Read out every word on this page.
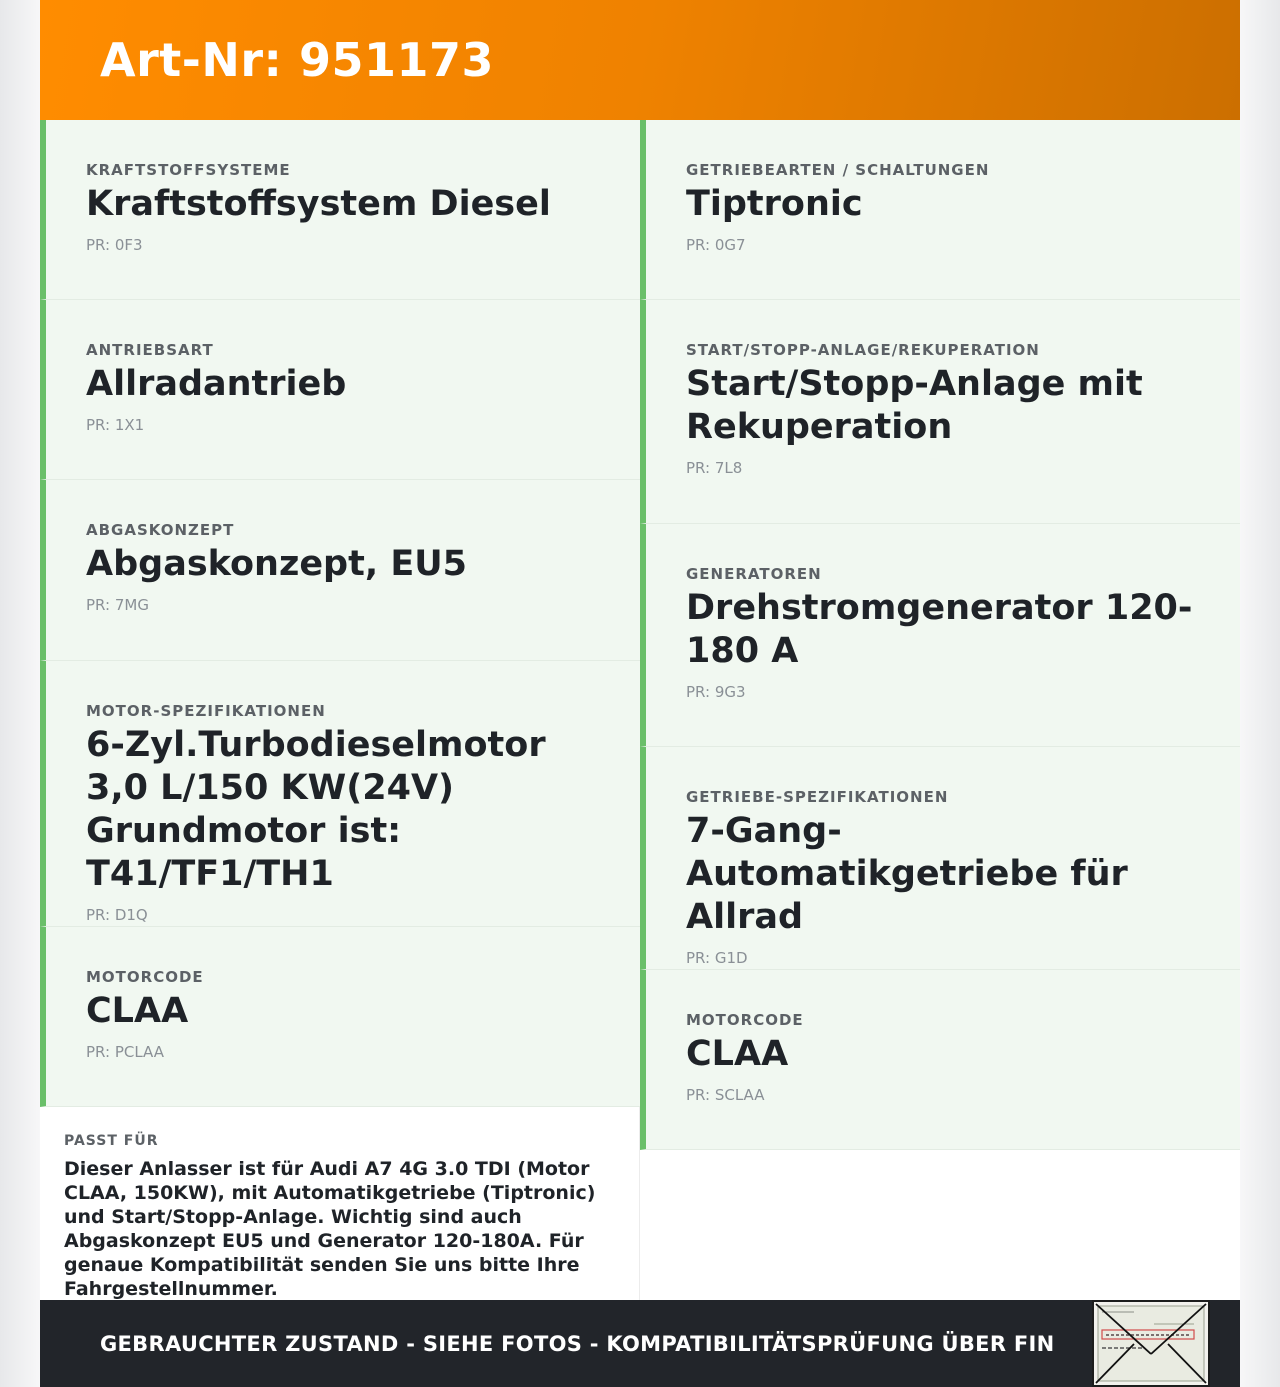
Art-Nr: 951173
KRAFTSTOFFSYSTEME
Kraftstoffsystem Diesel
PR: 0F3
ANTRIEBSART
Allradantrieb
PR: 1X1
ABGASKONZEPT
Abgaskonzept, EU5
PR: 7MG
MOTOR-SPEZIFIKATIONEN
6-Zyl.Turbodieselmotor 3,0 L/150 KW(24V) Grundmotor ist: T41/TF1/TH1
PR: D1Q
MOTORCODE
CLAA
PR: PCLAA
PASST FÜR
Dieser Anlasser ist für Audi A7 4G 3.0 TDI (Motor CLAA, 150KW), mit Automatikgetriebe (Tiptronic) und Start/Stopp-Anlage. Wichtig sind auch Abgaskonzept EU5 und Generator 120-180A. Für genaue Kompatibilität senden Sie uns bitte Ihre Fahrgestellnummer.
GETRIEBEARTEN / SCHALTUNGEN
Tiptronic
PR: 0G7
START/STOPP-ANLAGE/REKUPERATION
Start/Stopp-Anlage mit Rekuperation
PR: 7L8
GENERATOREN
Drehstromgenerator 120-180 A
PR: 9G3
GETRIEBE-SPEZIFIKATIONEN
7-Gang-Automatikgetriebe für Allrad
PR: G1D
MOTORCODE
CLAA
PR: SCLAA
GEBRAUCHTER ZUSTAND - SIEHE FOTOS - KOMPATIBILITÄTSPRÜFUNG ÜBER FIN
